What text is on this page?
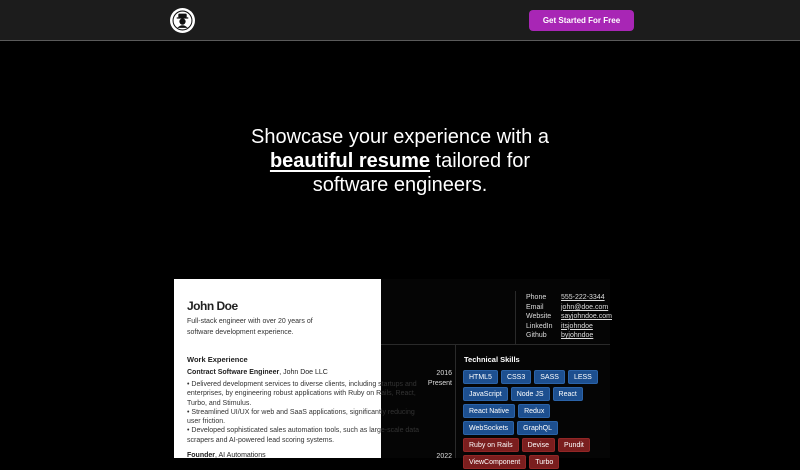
Get Started For Free
Showcase your experience with a
beautiful resume tailored for
software engineers.
Phone	555-222-3344
Email	john@doe.com
Website	sayjohndoe.com
LinkedIn	itsjohndoe
Github	byjohndoe
2016
Present
2022
Technical Skills
HTML5	CSS3	SASS	LESS
JavaScript	Node JS	React
React Native	Redux
WebSockets	GraphQL
Ruby on Rails	Devise	Pundit
ViewComponent	Turbo
John Doe
Full-stack engineer with over 20 years of software development experience.
Work Experience
Contract Software Engineer, John Doe LLC
• Delivered development services to diverse clients, including startups and
enterprises, by engineering robust applications with Ruby on Rails, React,
Turbo, and Stimulus.
• Streamlined UI/UX for web and SaaS applications, significantly reducing
user friction.
• Developed sophisticated sales automation tools, such as large-scale data
scrapers and AI-powered lead scoring systems.
Founder, AI Automations
